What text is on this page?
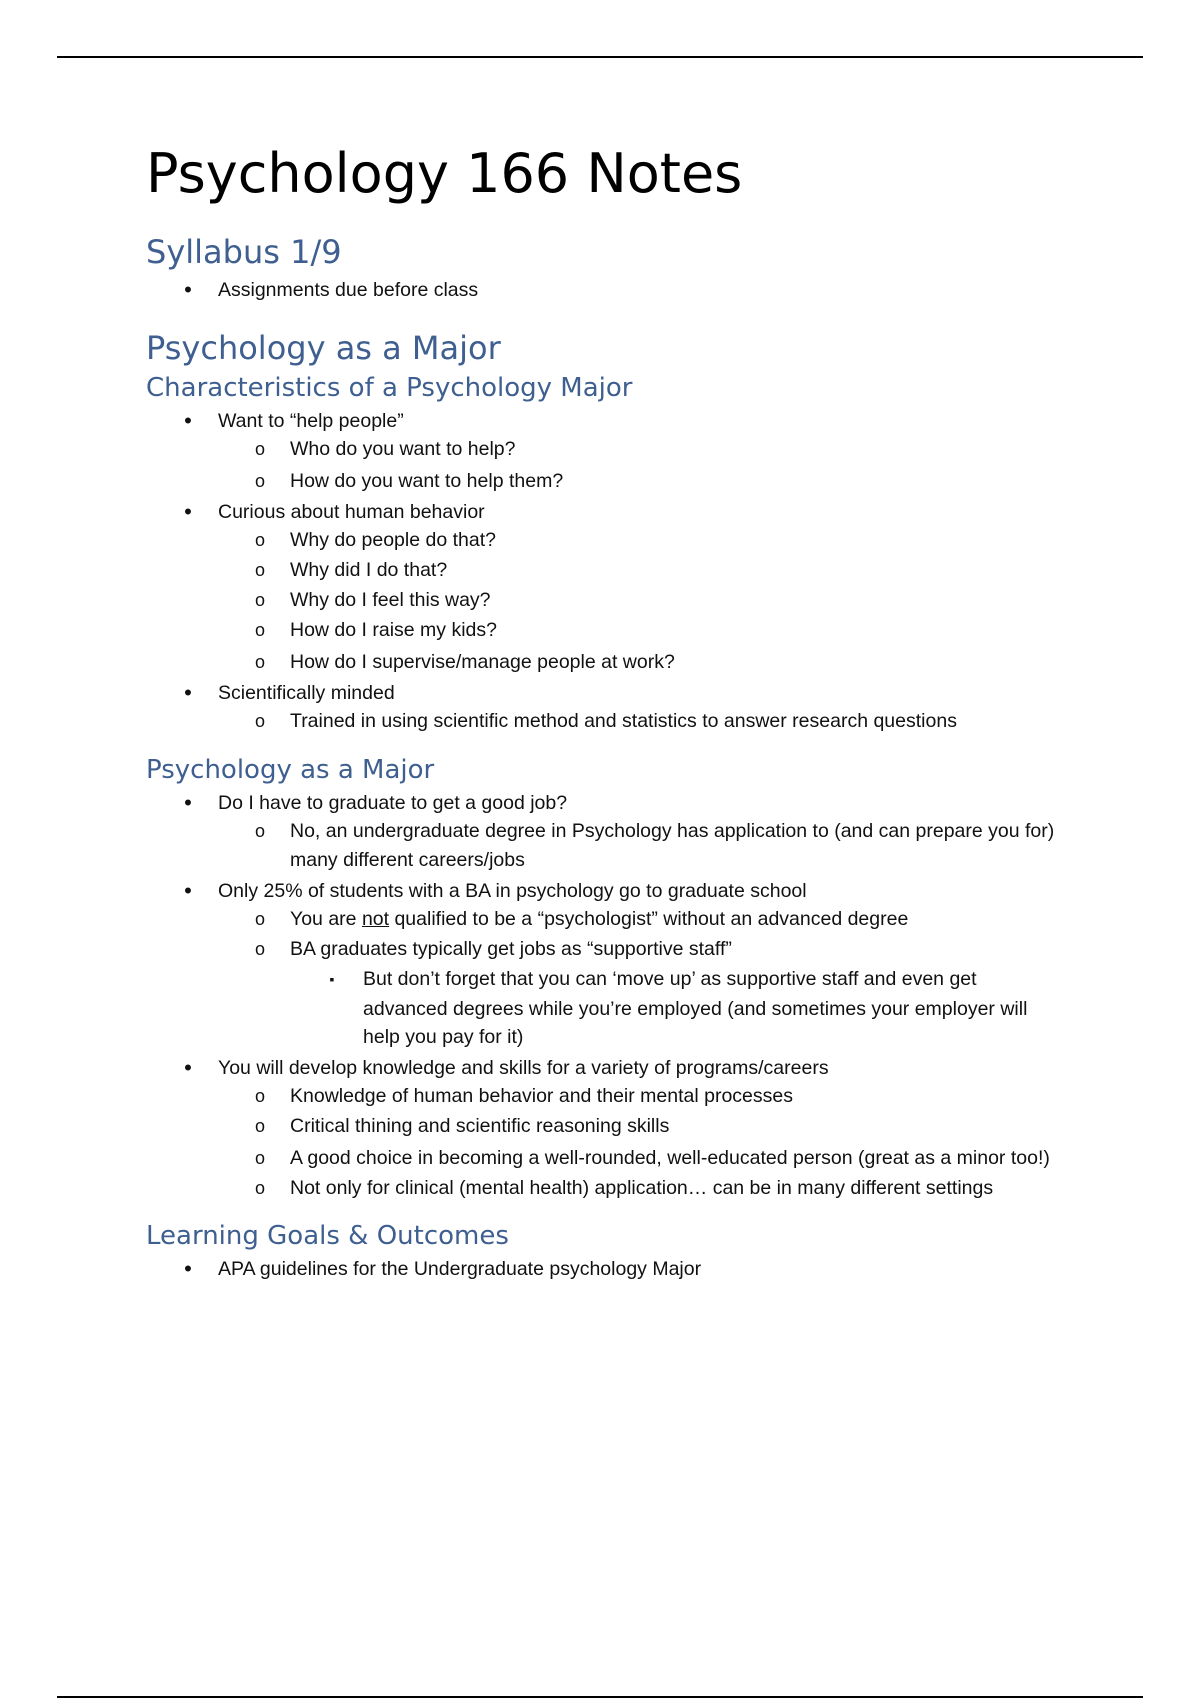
Psychology 166 Notes
Syllabus 1/9
•	Assignments due before class
Psychology as a Major
Characteristics of a Psychology Major
•	Want to “help people”
o Who do you want to help?
o How do you want to help them?
•	Curious about human behavior
o Why do people do that?
o Why did I do that?
o Why do I feel this way?
o How do I raise my kids?
o How do I supervise/manage people at work?
•	Scientifically minded
o Trained in using scientific method and statistics to answer research questions
Psychology as a Major
•	Do I have to graduate to get a good job?
o No, an undergraduate degree in Psychology has application to (and can prepare you for)
many different careers/jobs
•	Only 25% of students with a BA in psychology go to graduate school
o You are not qualified to be a “psychologist” without an advanced degree
o BA graduates typically get jobs as “supportive staff”
▪	But don’t forget that you can ‘move up’ as supportive staff and even get
advanced degrees while you’re employed (and sometimes your employer will
help you pay for it)
•	You will develop knowledge and skills for a variety of programs/careers
o Knowledge of human behavior and their mental processes
o Critical thining and scientific reasoning skills
o A good choice in becoming a well-rounded, well-educated person (great as a minor too!)
o Not only for clinical (mental health) application… can be in many different settings
Learning Goals & Outcomes
•	APA guidelines for the Undergraduate psychology Major
